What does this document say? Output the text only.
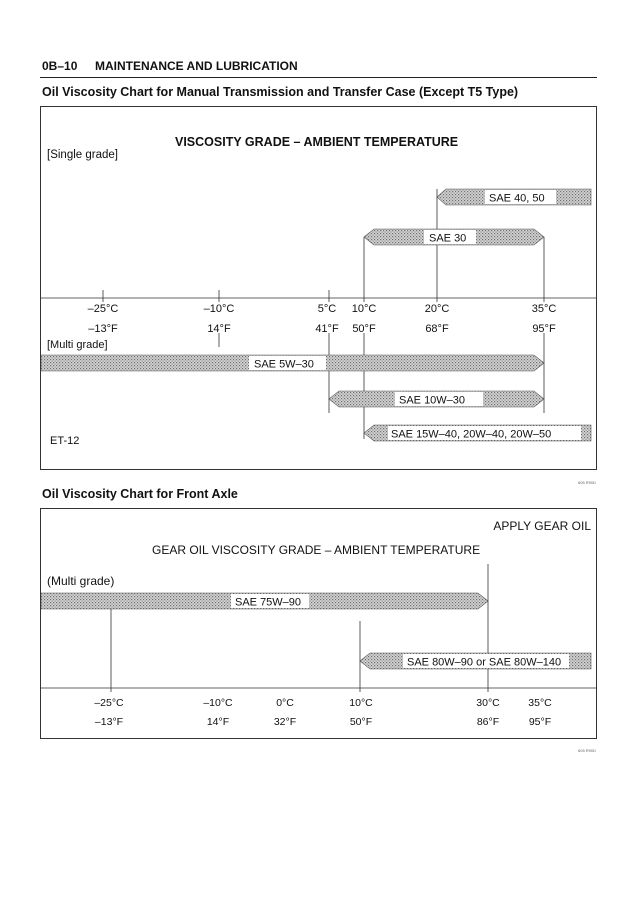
0B–10 MAINTENANCE AND LUBRICATION
Oil Viscosity Chart for Manual Transmission and Transfer Case (Except T5 Type)
VISCOSITY GRADE – AMBIENT TEMPERATURE
[Single grade]
SAE 40, 50
SAE 30
–25°C	–10°C	5°C 10°C	20°C	35°C
–13°F	14°F	41°F 50°F	68°F	95°F
[Multi grade]
SAE 5W–30
SAE 10W–30
SAE 15W–40, 20W–40, 20W–50
ET-12
605 R90D
Oil Viscosity Chart for Front Axle
APPLY GEAR OIL
GEAR OIL VISCOSITY GRADE – AMBIENT TEMPERATURE
(Multi grade)
SAE 75W–90
SAE 80W–90 or SAE 80W–140
–25°C	–10°C	0°C	10°C	30°C	35°C
–13°F	14°F	32°F	50°F	86°F	95°F
605 R90D
